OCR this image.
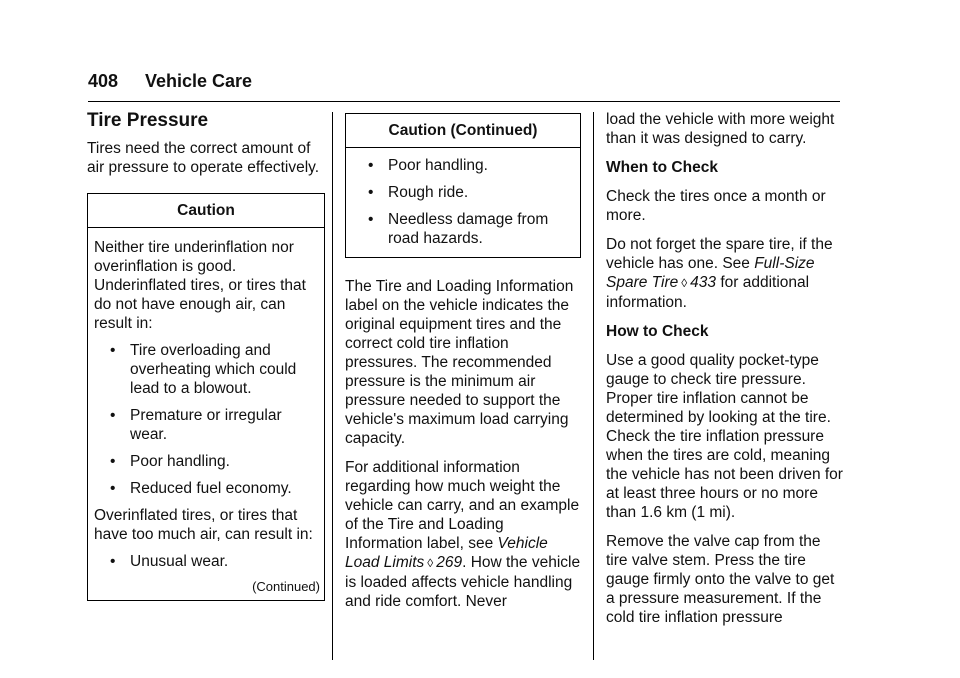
408 Vehicle Care
Tire Pressure

Tires need the correct amount of air pressure to operate effectively.

Caution

Neither tire underinflation nor overinflation is good. Underinflated tires, or tires that do not have enough air, can result in:

• Tire overloading and overheating which could lead to a blowout.
• Premature or irregular wear.
• Poor handling.
• Reduced fuel economy.

Overinflated tires, or tires that have too much air, can result in:

• Unusual wear.
(Continued)
Caution (Continued)
• Poor handling.
• Rough ride.
• Needless damage from road hazards.

The Tire and Loading Information label on the vehicle indicates the original equipment tires and the correct cold tire inflation pressures. The recommended pressure is the minimum air pressure needed to support the vehicle's maximum load carrying capacity.

For additional information regarding how much weight the vehicle can carry, and an example of the Tire and Loading Information label, see Vehicle Load Limits ◊ 269. How the vehicle is loaded affects vehicle handling and ride comfort. Never

load the vehicle with more weight than it was designed to carry.

When to Check

Check the tires once a month or more.

Do not forget the spare tire, if the vehicle has one. See Full-Size Spare Tire ◊ 433 for additional information.

How to Check

Use a good quality pocket-type gauge to check tire pressure. Proper tire inflation cannot be determined by looking at the tire. Check the tire inflation pressure when the tires are cold, meaning the vehicle has not been driven for at least three hours or no more than 1.6 km (1 mi).

Remove the valve cap from the tire valve stem. Press the tire gauge firmly onto the valve to get a pressure measurement. If the cold tire inflation pressure
